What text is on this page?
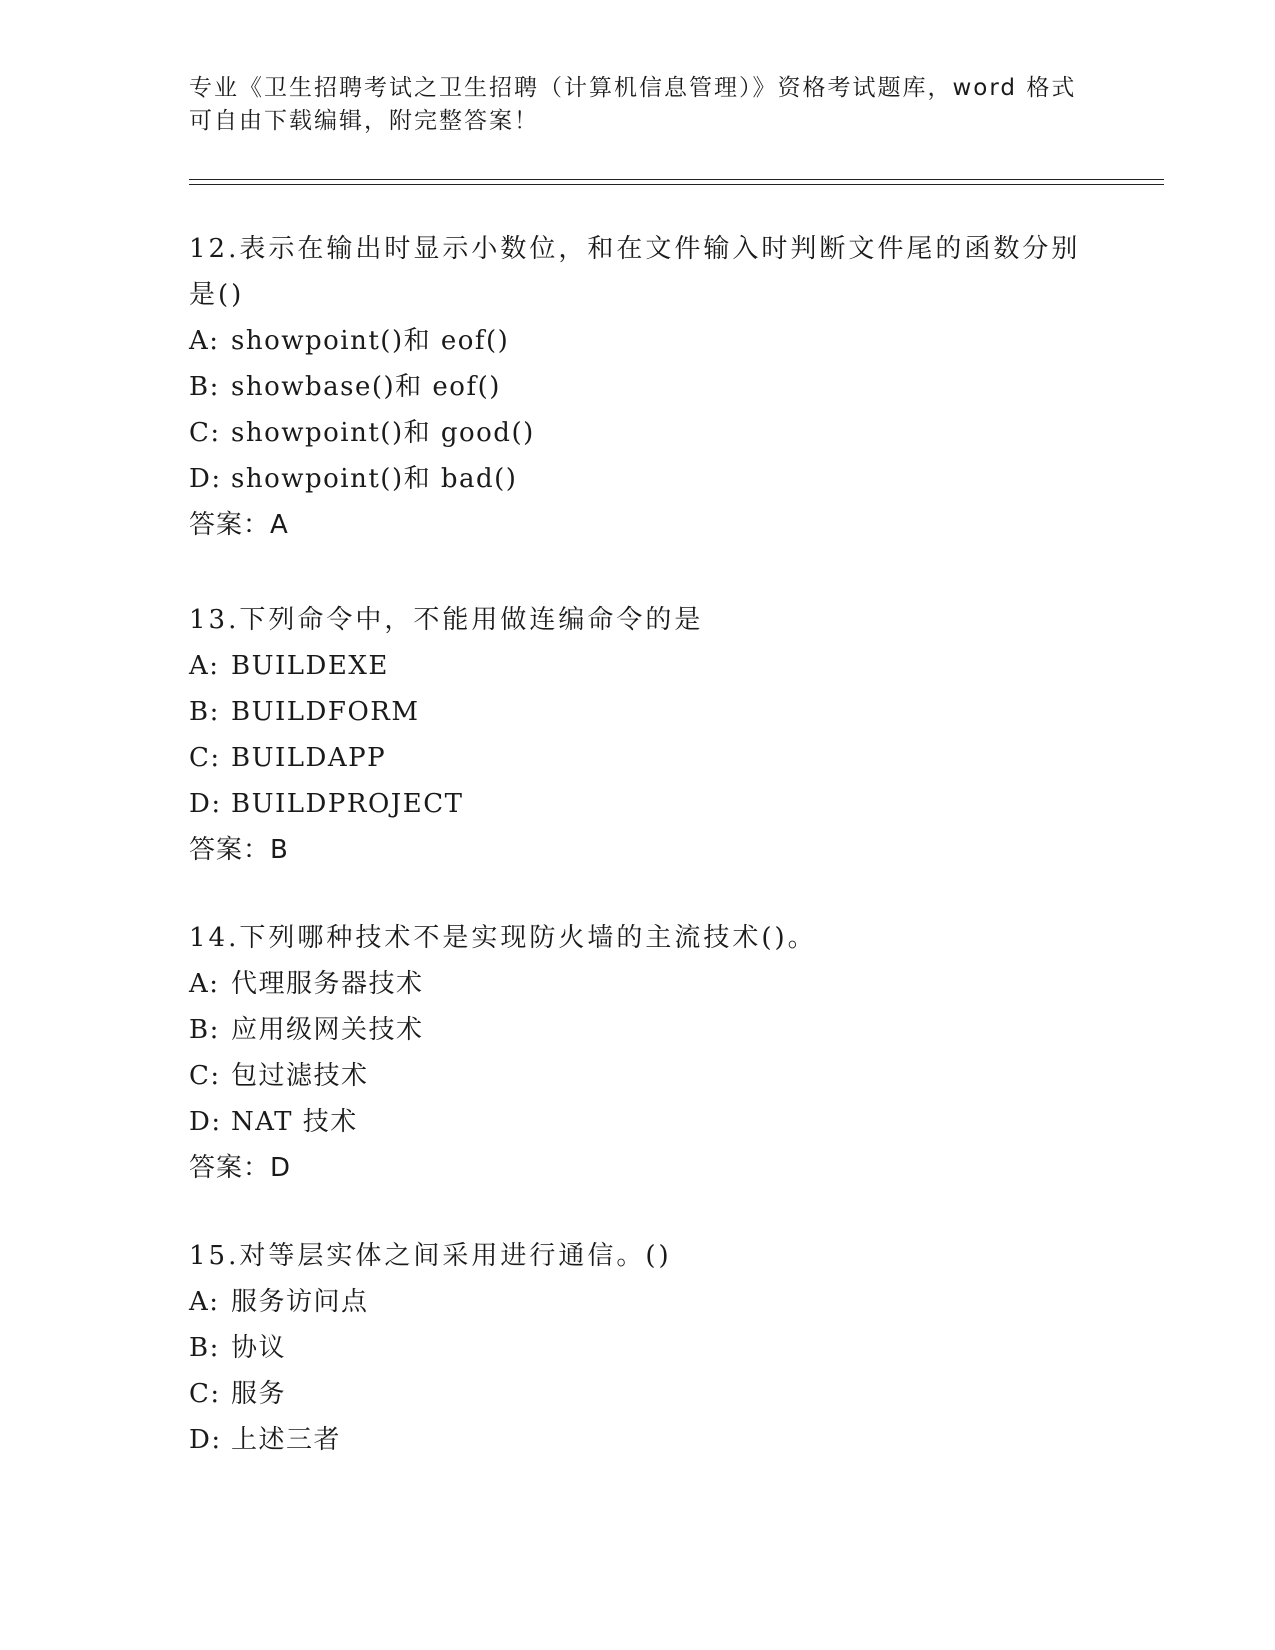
专业《卫生招聘考试之卫生招聘（计算机信息管理）》资格考试题库，word 格式
可自由下载编辑，附完整答案！

12.表示在输出时显示小数位，和在文件输入时判断文件尾的函数分别

是()

A: showpoint()和 eof()

B: showbase()和 eof()

C: showpoint()和 good()

D: showpoint()和 bad()

答案：A

13.下列命令中，不能用做连编命令的是

A: BUILDEXE

B: BUILDFORM

C: BUILDAPP

D: BUILDPROJECT

答案：B

14.下列哪种技术不是实现防火墙的主流技术()。

A: 代理服务器技术

B: 应用级网关技术

C: 包过滤技术

D: NAT 技术

答案：D

15.对等层实体之间采用进行通信。()

A: 服务访问点

B: 协议

C: 服务

D: 上述三者
